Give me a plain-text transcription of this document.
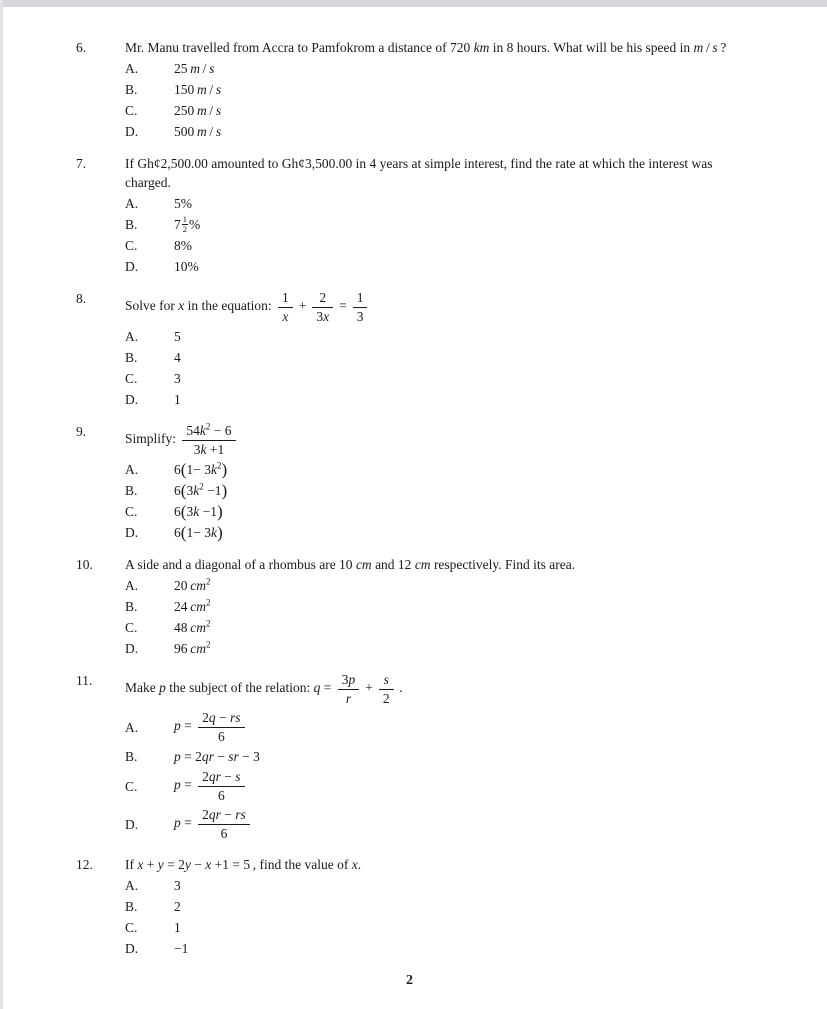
6.	Mr. Manu travelled from Accra to Pamfokrom a distance of 720 km in 8 hours. What will be his speed in m / s ?
A.	25 m / s
B.	150 m / s
C.	250 m / s
D.	500 m / s
7.	If Gh¢2,500.00 amounted to Gh¢3,500.00 in 4 years at simple interest, find the rate at which the interest was charged.
A.	5%
B.	$7 \frac{1}{2}$ %
C.	8%
D.	10%
8.	Solve for x in the equation: $\frac{1}{x} + \frac{2}{3x} = \frac{1}{3}$
A.	5
B.	4
C.	3
D.	1
9.	Simplify: $\frac{54k^2 - 6}{3k +1}$
A.	$6(1- 3k^2)$
B.	$6(3k^2 -1)$
C.	6(3k −1)
D.	6(1− 3k)
10.	A side and a diagonal of a rhombus are 10 cm and 12 cm respectively. Find its area.
A.	20 $cm^2$
B.	24 $cm^2$
C.	48 $cm^2$
D.	96 $cm^2$
11.	Make p the subject of the relation: $q = \frac{3p}{r} + \frac{s}{2}$  .
A.	$p = \frac{2q - rs}{6}$
B.	p = 2qr − sr − 3
C.	$p = \frac{2qr - s}{6}$
D.	$p = \frac{2qr - rs}{6}$
12.	If x + y = 2y − x +1 = 5 , find the value of x.
A.	3
B.	2
C.	1
D.	−1
2
